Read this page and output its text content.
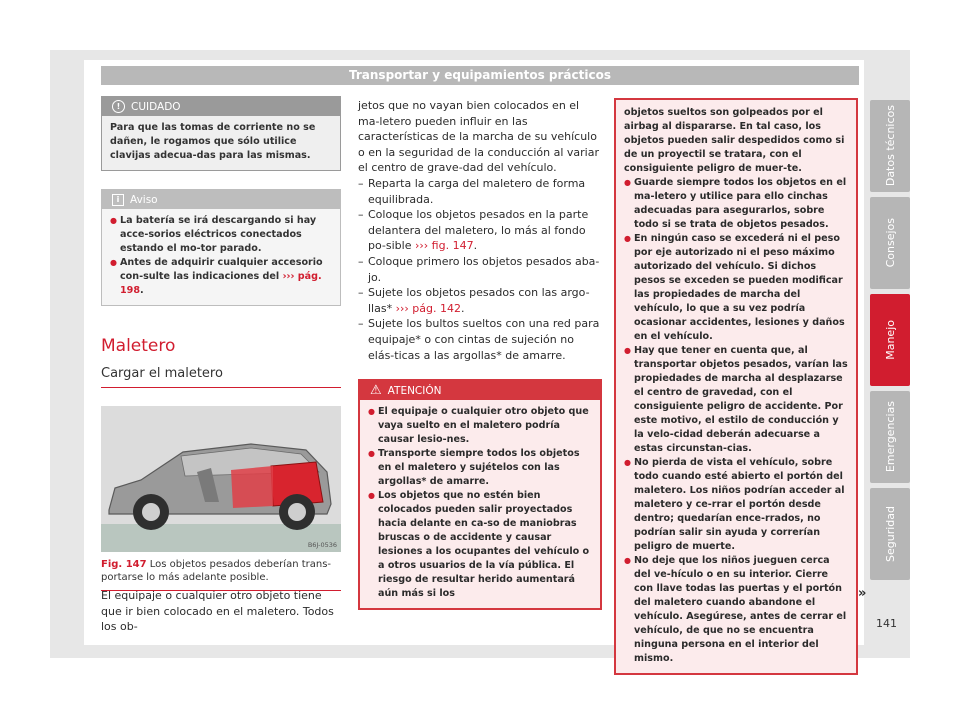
Transportar y equipamientos prácticos
Datos técnicos
Consejos
Manejo
Emergencias
Seguridad
!	CUIDADO
Para que las tomas de corriente no se dañen, le rogamos que sólo utilice clavijas adecua-das para las mismas.
i	Aviso
● La batería se irá descargando si hay acce-sorios eléctricos conectados estando el mo-tor parado.
● Antes de adquirir cualquier accesorio con-sulte las indicaciones del ››› pág. 198.
Maletero
Cargar el maletero
B6J-0536
Fig. 147 Los objetos pesados deberían trans-portarse lo más adelante posible.
El equipaje o cualquier otro objeto tiene que ir bien colocado en el maletero. Todos los ob-
jetos que no vayan bien colocados en el ma-letero pueden influir en las características de la marcha de su vehículo o en la seguridad de la conducción al variar el centro de grave-dad del vehículo.
– Reparta la carga del maletero de forma equilibrada.
– Coloque los objetos pesados en la parte delantera del maletero, lo más al fondo po-sible ››› fig. 147.
– Coloque primero los objetos pesados aba-jo.
– Sujete los objetos pesados con las argo-llas* ››› pág. 142.
– Sujete los bultos sueltos con una red para equipaje* o con cintas de sujeción no elás-ticas a las argollas* de amarre.
⚠ ATENCIÓN
● El equipaje o cualquier otro objeto que vaya suelto en el maletero podría causar lesio-nes.
● Transporte siempre todos los objetos en el maletero y sujételos con las argollas* de amarre.
● Los objetos que no estén bien colocados pueden salir proyectados hacia delante en ca-so de maniobras bruscas o de accidente y causar lesiones a los ocupantes del vehículo o a otros usuarios de la vía pública. El riesgo de resultar herido aumentará aún más si los
objetos sueltos son golpeados por el airbag al dispararse. En tal caso, los objetos pueden salir despedidos como si de un proyectil se tratara, con el consiguiente peligro de muer-te.
● Guarde siempre todos los objetos en el ma-letero y utilice para ello cinchas adecuadas para asegurarlos, sobre todo si se trata de objetos pesados.
● En ningún caso se excederá ni el peso por eje autorizado ni el peso máximo autorizado del vehículo. Si dichos pesos se exceden se pueden modificar las propiedades de marcha del vehículo, lo que a su vez podría ocasionar accidentes, lesiones y daños en el vehículo.
● Hay que tener en cuenta que, al transportar objetos pesados, varían las propiedades de marcha al desplazarse el centro de gravedad, con el consiguiente peligro de accidente. Por este motivo, el estilo de conducción y la velo-cidad deberán adecuarse a estas circunstan-cias.
● No pierda de vista el vehículo, sobre todo cuando esté abierto el portón del maletero. Los niños podrían acceder al maletero y ce-rrar el portón desde dentro; quedarían ence-rrados, no podrían salir sin ayuda y correrían peligro de muerte.
● No deje que los niños jueguen cerca del ve-hículo o en su interior. Cierre con llave todas las puertas y el portón del maletero cuando abandone el vehículo. Asegúrese, antes de cerrar el vehículo, de que no se encuentra ninguna persona en el interior del mismo.
»
141
